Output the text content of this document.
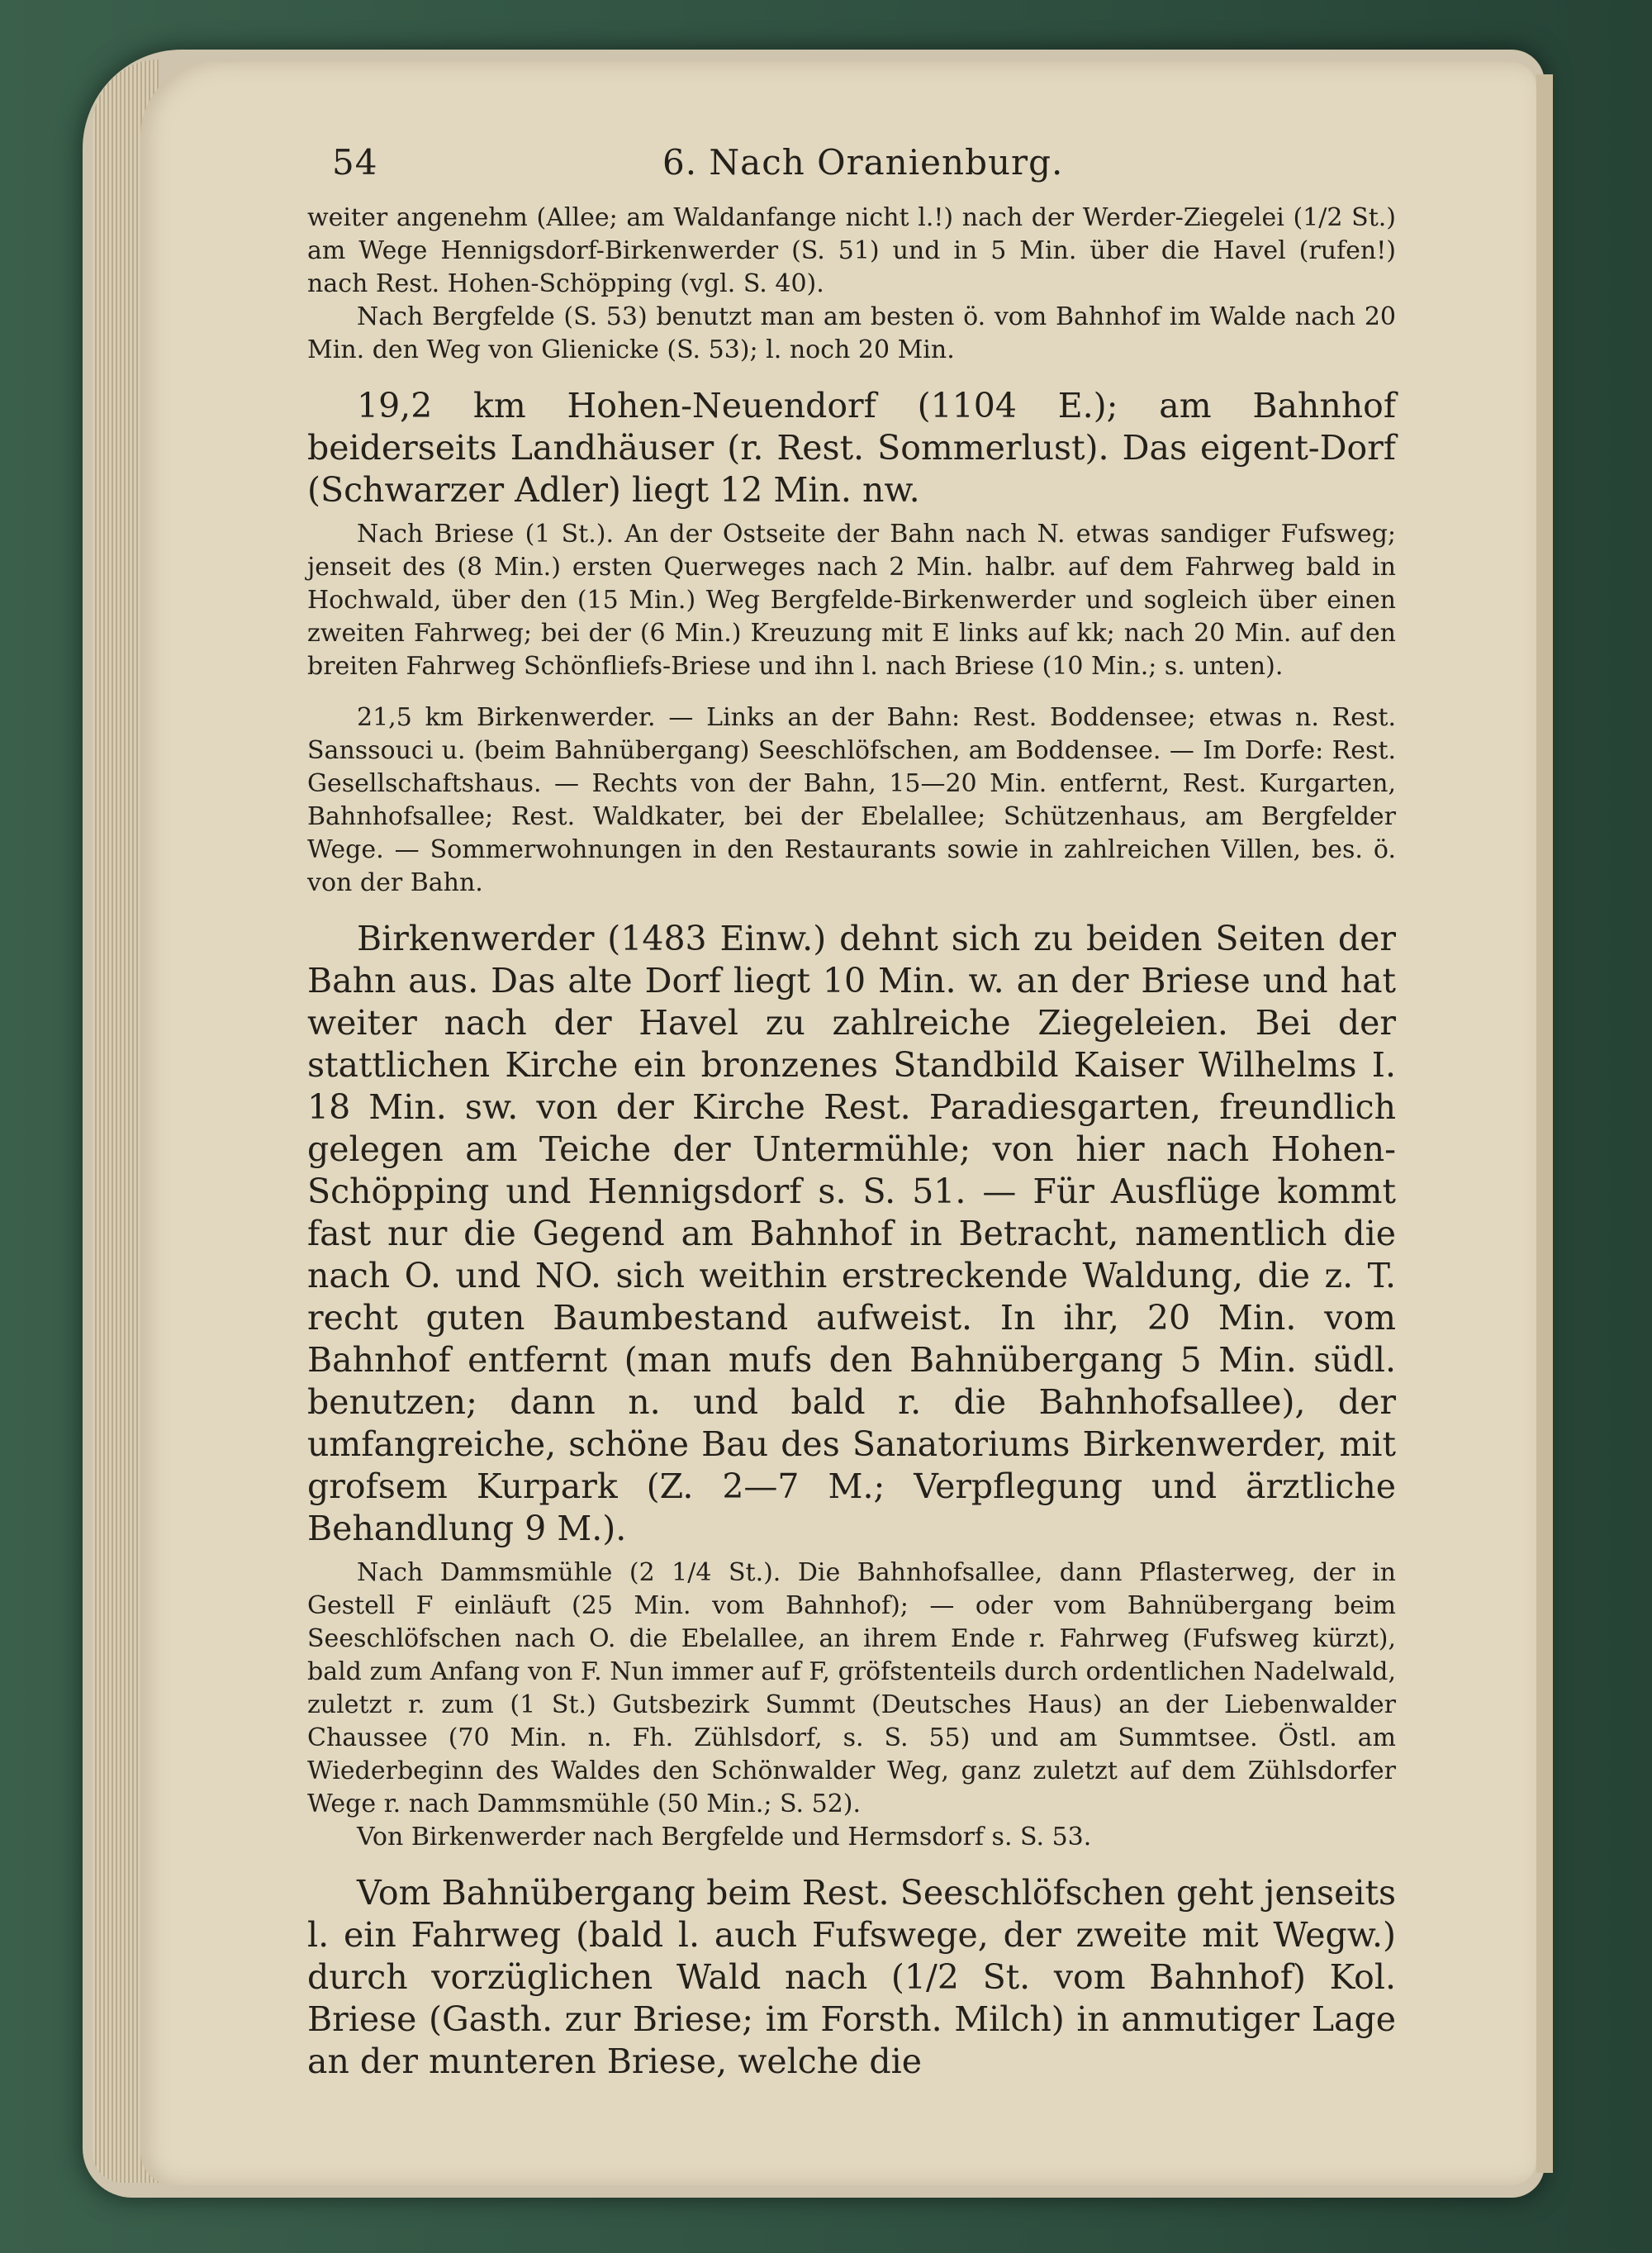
54	6. Nach Oranienburg.

weiter angenehm (Allee; am Waldanfange nicht l.!) nach der Werder-Ziegelei (1/2 St.) am Wege Hennigsdorf-Birkenwerder (S. 51) und in 5 Min. über die Havel (rufen!) nach Rest. Hohen-Schöpping (vgl. S. 40).

Nach Bergfelde (S. 53) benutzt man am besten ö. vom Bahnhof im Walde nach 20 Min. den Weg von Glienicke (S. 53); l. noch 20 Min.

19,2 km Hohen-Neuendorf (1104 E.); am Bahnhof beiderseits Landhäuser (r. Rest. Sommerlust). Das eigent-Dorf (Schwarzer Adler) liegt 12 Min. nw.

Nach Briese (1 St.). An der Ostseite der Bahn nach N. etwas sandiger Fufsweg; jenseit des (8 Min.) ersten Querweges nach 2 Min. halbr. auf dem Fahrweg bald in Hochwald, über den (15 Min.) Weg Bergfelde-Birkenwerder und sogleich über einen zweiten Fahrweg; bei der (6 Min.) Kreuzung mit E links auf kk; nach 20 Min. auf den breiten Fahrweg Schönfliefs-Briese und ihn l. nach Briese (10 Min.; s. unten).

21,5 km Birkenwerder. — Links an der Bahn: Rest. Boddensee; etwas n. Rest. Sanssouci u. (beim Bahnübergang) Seeschlöfschen, am Boddensee. — Im Dorfe: Rest. Gesellschaftshaus. — Rechts von der Bahn, 15—20 Min. entfernt, Rest. Kurgarten, Bahnhofsallee; Rest. Waldkater, bei der Ebelallee; Schützenhaus, am Bergfelder Wege. — Sommerwohnungen in den Restaurants sowie in zahlreichen Villen, bes. ö. von der Bahn.

Birkenwerder (1483 Einw.) dehnt sich zu beiden Seiten der Bahn aus. Das alte Dorf liegt 10 Min. w. an der Briese und hat weiter nach der Havel zu zahlreiche Ziegeleien. Bei der stattlichen Kirche ein bronzenes Standbild Kaiser Wilhelms I. 18 Min. sw. von der Kirche Rest. Paradiesgarten, freundlich gelegen am Teiche der Untermühle; von hier nach Hohen-Schöpping und Hennigsdorf s. S. 51. — Für Ausflüge kommt fast nur die Gegend am Bahnhof in Betracht, namentlich die nach O. und NO. sich weithin erstreckende Waldung, die z. T. recht guten Baumbestand aufweist. In ihr, 20 Min. vom Bahnhof entfernt (man mufs den Bahnübergang 5 Min. südl. benutzen; dann n. und bald r. die Bahnhofsallee), der umfangreiche, schöne Bau des Sanatoriums Birkenwerder, mit grofsem Kurpark (Z. 2—7 M.; Verpflegung und ärztliche Behandlung 9 M.).

Nach Dammsmühle (2 1/4 St.). Die Bahnhofsallee, dann Pflasterweg, der in Gestell F einläuft (25 Min. vom Bahnhof); — oder vom Bahnübergang beim Seeschlöfschen nach O. die Ebelallee, an ihrem Ende r. Fahrweg (Fufsweg kürzt), bald zum Anfang von F. Nun immer auf F, gröfstenteils durch ordentlichen Nadelwald, zuletzt r. zum (1 St.) Gutsbezirk Summt (Deutsches Haus) an der Liebenwalder Chaussee (70 Min. n. Fh. Zühlsdorf, s. S. 55) und am Summtsee. Östl. am Wiederbeginn des Waldes den Schönwalder Weg, ganz zuletzt auf dem Zühlsdorfer Wege r. nach Dammsmühle (50 Min.; S. 52).

Von Birkenwerder nach Bergfelde und Hermsdorf s. S. 53.

Vom Bahnübergang beim Rest. Seeschlöfschen geht jenseits l. ein Fahrweg (bald l. auch Fufswege, der zweite mit Wegw.) durch vorzüglichen Wald nach (1/2 St. vom Bahnhof) Kol. Briese (Gasth. zur Briese; im Forsth. Milch) in anmutiger Lage an der munteren Briese, welche die
